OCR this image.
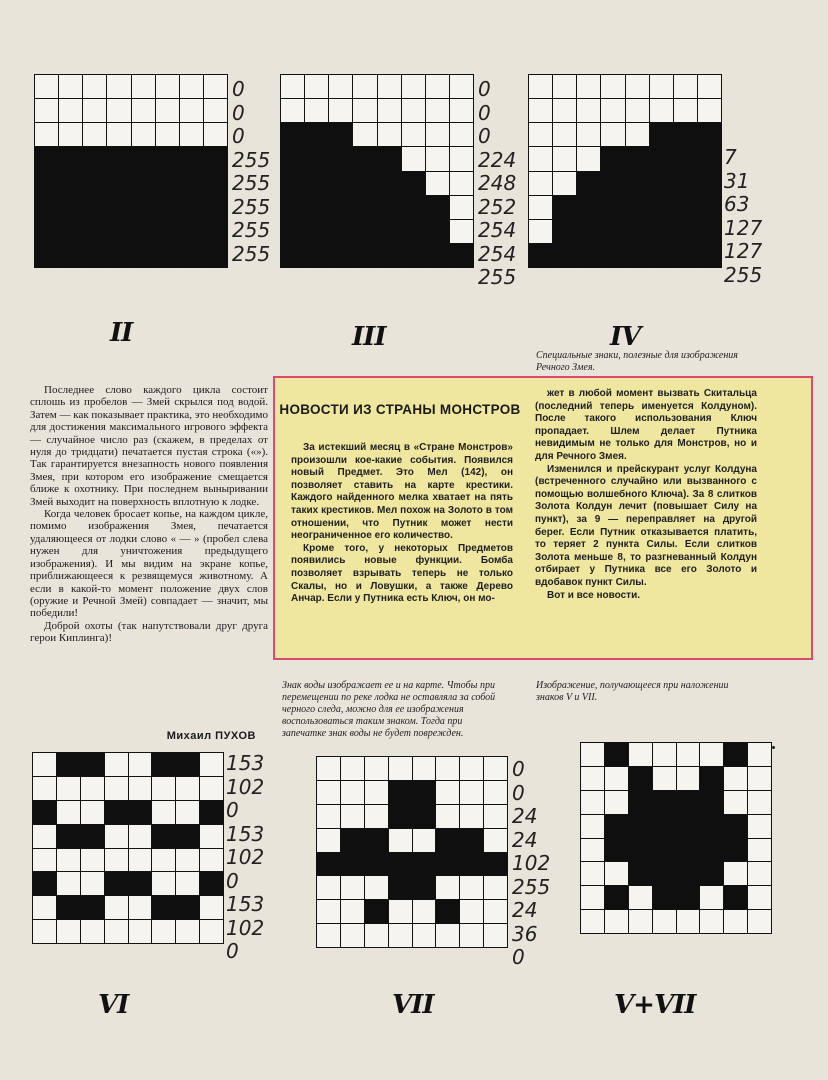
0
0
0
255
255
255
255
255
II
0
0
0
224
248
252
254
254
255
III
7
31
63
127
127
255
IV
Специальные знаки, полезные для изображения Речного Змея.

Последнее слово каждого цикла состоит сплошь из пробелов — Змей скрылся под водой. Затем — как показывает практика, это необходимо для достижения максимального игрового эффекта — случайное число раз (скажем, в пределах от нуля до тридцати) печатается пустая строка («»). Так гарантируется внезапность нового появления Змея, при котором его изображение смещается ближе к охотнику. При последнем выныривании Змей выходит на поверхность вплотную к лодке.

Когда человек бросает копье, на каждом цикле, помимо изображения Змея, печатается удаляющееся от лодки слово « — » (пробел слева нужен для уничтожения предыдущего изображения). И мы видим на экране копье, приближающееся к резвящемуся животному. А если в какой-то момент положение двух слов (оружие и Речной Змей) совпадает — значит, мы победили!

Доброй охоты (так напутствовали друг друга герои Киплинга)!

Михаил ПУХОВ
НОВОСТИ ИЗ СТРАНЫ МОНСТРОВ

За истекший месяц в «Стране Монстров» произошли кое-какие события. Появился новый Предмет. Это Мел (142), он позволяет ставить на карте крестики. Каждого найденного мелка хватает на пять таких крестиков. Мел похож на Золото в том отношении, что Путник может нести неограниченное его количество.

Кроме того, у некоторых Предметов появились новые функции. Бомба позволяет взрывать теперь не только Скалы, но и Ловушки, а также Дерево Анчар. Если у Путника есть Ключ, он мо-

жет в любой момент вызвать Скитальца (последний теперь именуется Колдуном). После такого использования Ключ пропадает. Шлем делает Путника невидимым не только для Монстров, но и для Речного Змея.

Изменился и прейскурант услуг Колдуна (встреченного случайно или вызванного с помощью волшебного Ключа). За 8 слитков Золота Колдун лечит (повышает Силу на пункт), за 9 — переправляет на другой берег. Если Путник отказывается платить, то теряет 2 пункта Силы. Если слитков Золота меньше 8, то разгневанный Колдун отбирает у Путника все его Золото и вдобавок пункт Силы.

Вот и все новости.

Знак воды изображает ее и на карте. Чтобы при перемещении по реке лодка не оставляла за собой черного следа, можно для ее изображения воспользоваться таким знаком. Тогда при запечатке знак воды не будет поврежден.
Изображение, получающееся при наложении знаков V и VII.
153
102
0
153
102
0
153
102
0
VI
0
0
24
24
102
255
24
36
0
VII	V+VII
